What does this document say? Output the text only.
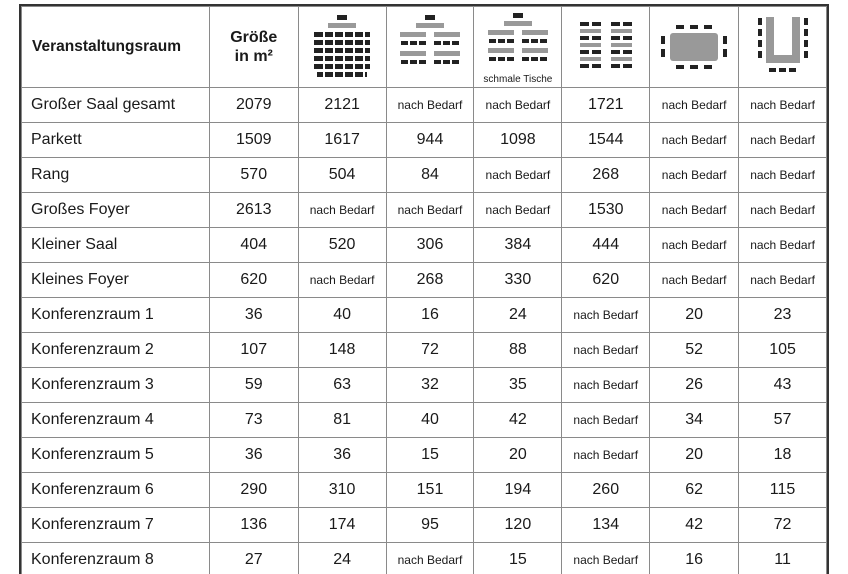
Veranstaltungsraum	Größe
in m²			schmale Tische

Großer Saal gesamt	2079	2121	nach Bedarf	nach Bedarf	1721	nach Bedarf	nach Bedarf
Parkett	1509	1617	944	1098	1544	nach Bedarf	nach Bedarf
Rang	570	504	84	nach Bedarf	268	nach Bedarf	nach Bedarf
Großes Foyer	2613	nach Bedarf	nach Bedarf	nach Bedarf	1530	nach Bedarf	nach Bedarf
Kleiner Saal	404	520	306	384	444	nach Bedarf	nach Bedarf
Kleines Foyer	620	nach Bedarf	268	330	620	nach Bedarf	nach Bedarf
Konferenzraum 1	36	40	16	24	nach Bedarf	20	23
Konferenzraum 2	107	148	72	88	nach Bedarf	52	105
Konferenzraum 3	59	63	32	35	nach Bedarf	26	43
Konferenzraum 4	73	81	40	42	nach Bedarf	34	57
Konferenzraum 5	36	36	15	20	nach Bedarf	20	18
Konferenzraum 6	290	310	151	194	260	62	115
Konferenzraum 7	136	174	95	120	134	42	72
Konferenzraum 8	27	24	nach Bedarf	15	nach Bedarf	16	11
